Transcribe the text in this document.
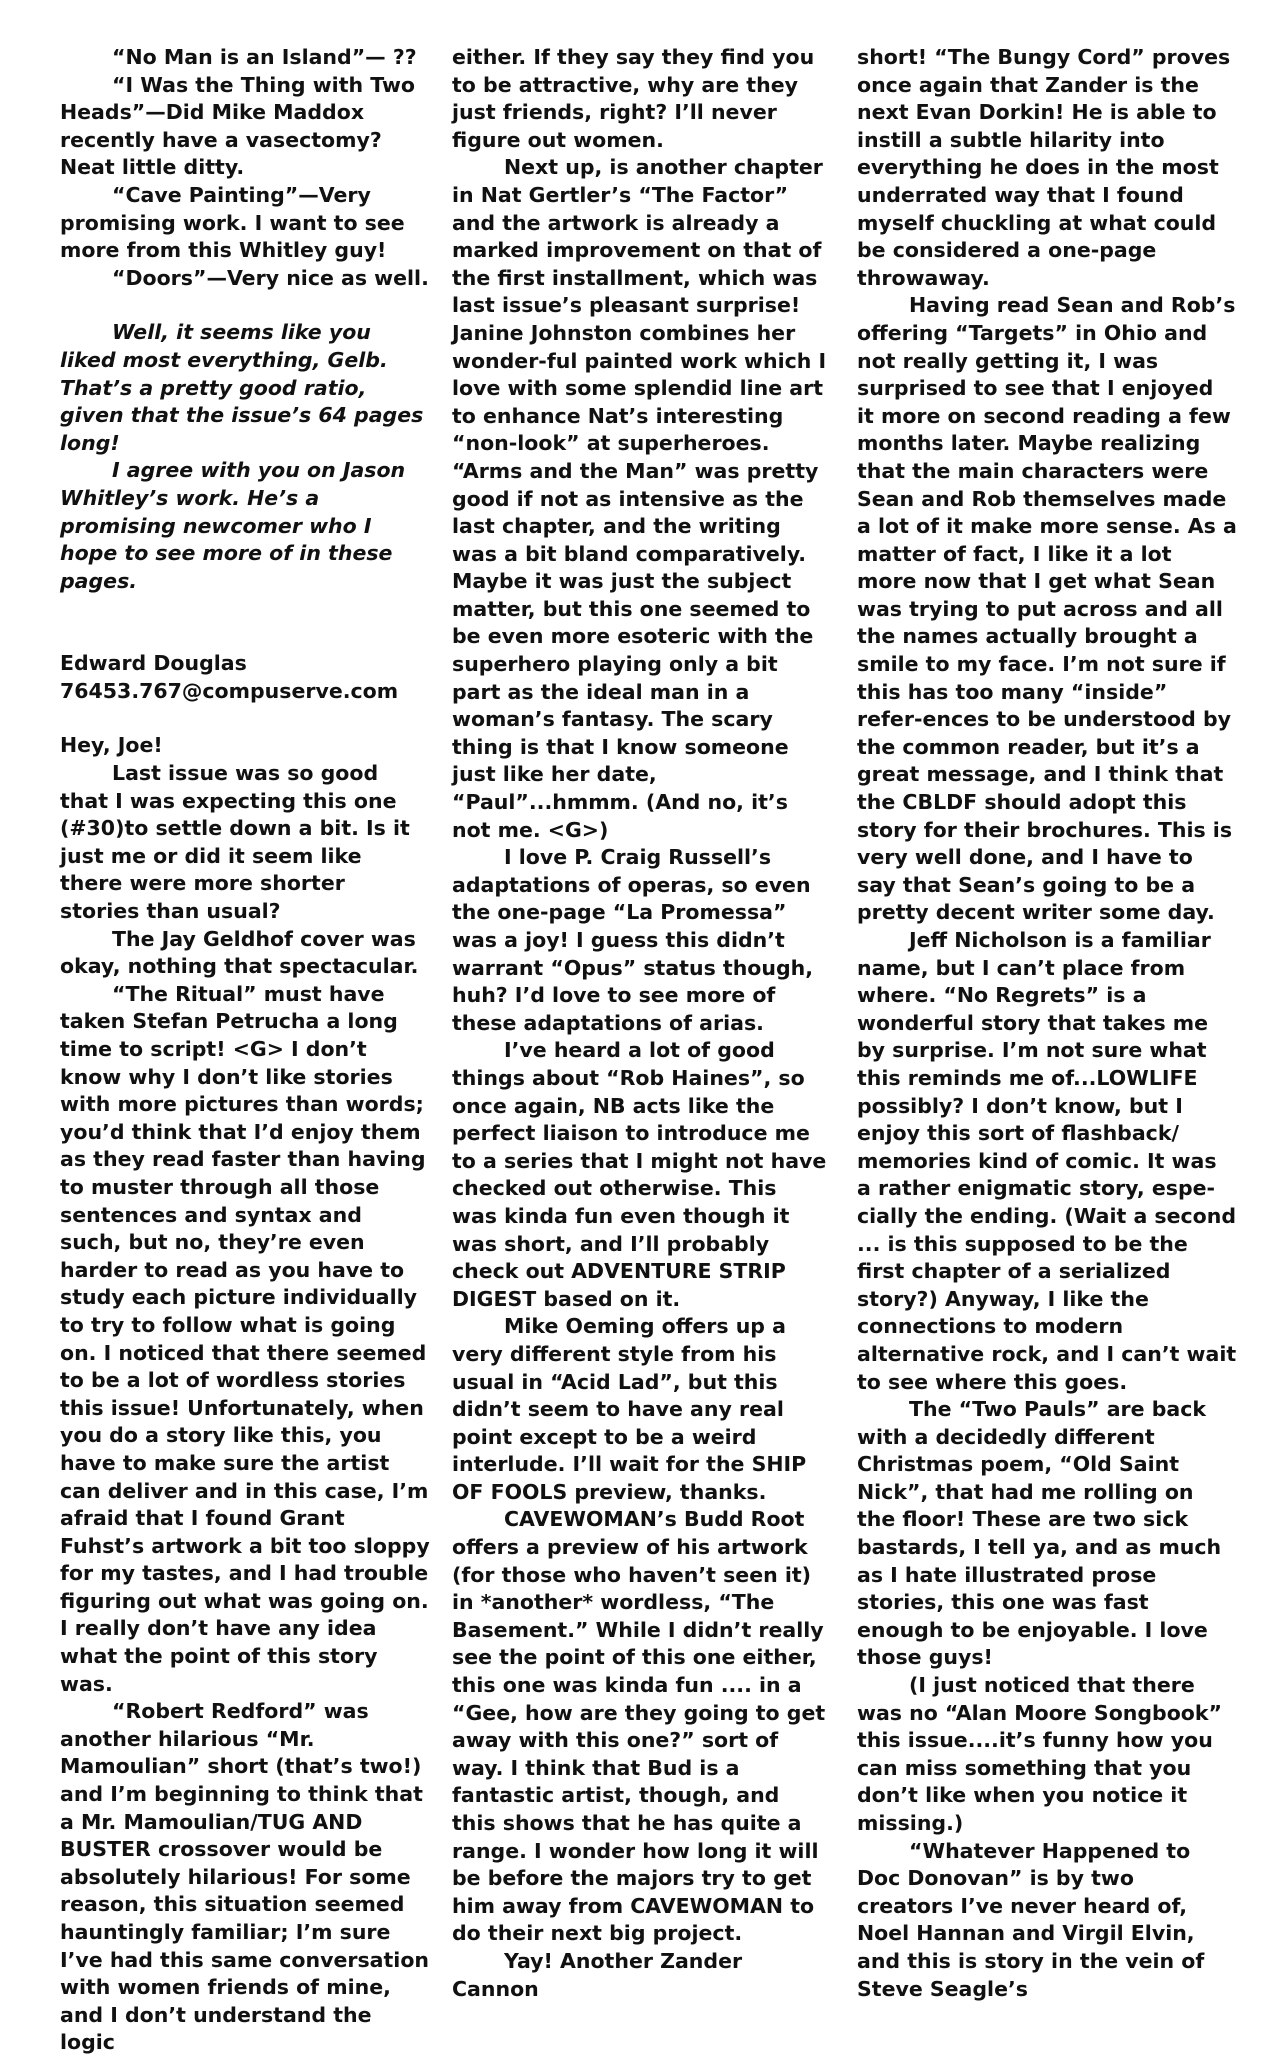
“No Man is an Island”— ??

“I Was the Thing with Two Heads”—Did Mike Maddox recently have a vasectomy? Neat little ditty.

“Cave Painting”—Very promising work. I want to see more from this Whitley guy!

“Doors”—Very nice as well.

Well, it seems like you liked most everything, Gelb. That’s a pretty good ratio, given that the issue’s 64 pages long!

I agree with you on Jason Whitley’s work. He’s a promising newcomer who I hope to see more of in these pages.

Edward Douglas

76453.767@compuserve.com

Hey, Joe!

Last issue was so good that I was expecting this one (#30)to settle down a bit. Is it just me or did it seem like there were more shorter stories than usual?

The Jay Geldhof cover was okay, nothing that spectacular.

“The Ritual” must have taken Stefan Petrucha a long time to script! <G> I don’t know why I don’t like stories with more pictures than words; you’d think that I’d enjoy them as they read faster than having to muster through all those sentences and syntax and such, but no, they’re even harder to read as you have to study each picture individually to try to follow what is going on. I noticed that there seemed to be a lot of wordless stories this issue! Unfortunately, when you do a story like this, you have to make sure the artist can deliver and in this case, I’m afraid that I found Grant Fuhst’s artwork a bit too sloppy for my tastes, and I had trouble figuring out what was going on. I really don’t have any idea what the point of this story was.

“Robert Redford” was another hilarious “Mr. Mamoulian” short (that’s two!) and I’m beginning to think that a Mr. Mamoulian/TUG AND BUSTER crossover would be absolutely hilarious! For some reason, this situation seemed hauntingly familiar; I’m sure I’ve had this same conversation with women friends of mine, and I don’t understand the logic

either. If they say they find you to be attractive, why are they just friends, right? I’ll never figure out women.

Next up, is another chapter in Nat Gertler’s “The Factor” and the artwork is already a marked improvement on that of the first installment, which was last issue’s pleasant surprise! Janine Johnston combines her wonder-ful painted work which I love with some splendid line art to enhance Nat’s interesting “non-look” at superheroes. “Arms and the Man” was pretty good if not as intensive as the last chapter, and the writing was a bit bland comparatively. Maybe it was just the subject matter, but this one seemed to be even more esoteric with the superhero playing only a bit part as the ideal man in a woman’s fantasy. The scary thing is that I know someone just like her date, “Paul”...hmmm. (And no, it’s not me. <G>)

I love P. Craig Russell’s adaptations of operas, so even the one-page “La Promessa” was a joy! I guess this didn’t warrant “Opus” status though, huh? I’d love to see more of these adaptations of arias.

I’ve heard a lot of good things about “Rob Haines”, so once again, NB acts like the perfect liaison to introduce me to a series that I might not have checked out otherwise. This was kinda fun even though it was short, and I’ll probably check out ADVENTURE STRIP DIGEST based on it.

Mike Oeming offers up a very different style from his usual in “Acid Lad”, but this didn’t seem to have any real point except to be a weird interlude. I’ll wait for the SHIP OF FOOLS preview, thanks.

CAVEWOMAN’s Budd Root offers a preview of his artwork (for those who haven’t seen it) in *another* wordless, “The Basement.” While I didn’t really see the point of this one either, this one was kinda fun .... in a “Gee, how are they going to get away with this one?” sort of way. I think that Bud is a fantastic artist, though, and this shows that he has quite a range. I wonder how long it will be before the majors try to get him away from CAVEWOMAN to do their next big project.

Yay! Another Zander Cannon

short! “The Bungy Cord” proves once again that Zander is the next Evan Dorkin! He is able to instill a subtle hilarity into everything he does in the most underrated way that I found myself chuckling at what could be considered a one-page throwaway.

Having read Sean and Rob’s offering “Targets” in Ohio and not really getting it, I was surprised to see that I enjoyed it more on second reading a few months later. Maybe realizing that the main characters were Sean and Rob themselves made a lot of it make more sense. As a matter of fact, I like it a lot more now that I get what Sean was trying to put across and all the names actually brought a smile to my face. I’m not sure if this has too many “inside” refer-ences to be understood by the common reader, but it’s a great message, and I think that the CBLDF should adopt this story for their brochures. This is very well done, and I have to say that Sean’s going to be a pretty decent writer some day.

Jeff Nicholson is a familiar name, but I can’t place from where. “No Regrets” is a wonderful story that takes me by surprise. I’m not sure what this reminds me of...LOWLIFE possibly? I don’t know, but I enjoy this sort of flashback/ memories kind of comic. It was a rather enigmatic story, espe-cially the ending. (Wait a second ... is this supposed to be the first chapter of a serialized story?) Anyway, I like the connections to modern alternative rock, and I can’t wait to see where this goes.

The “Two Pauls” are back with a decidedly different Christmas poem, “Old Saint Nick”, that had me rolling on the floor! These are two sick bastards, I tell ya, and as much as I hate illustrated prose stories, this one was fast enough to be enjoyable. I love those guys!

(I just noticed that there was no “Alan Moore Songbook” this issue....it’s funny how you can miss something that you don’t like when you notice it missing.)

“Whatever Happened to Doc Donovan” is by two creators I’ve never heard of, Noel Hannan and Virgil Elvin, and this is story in the vein of Steve Seagle’s
